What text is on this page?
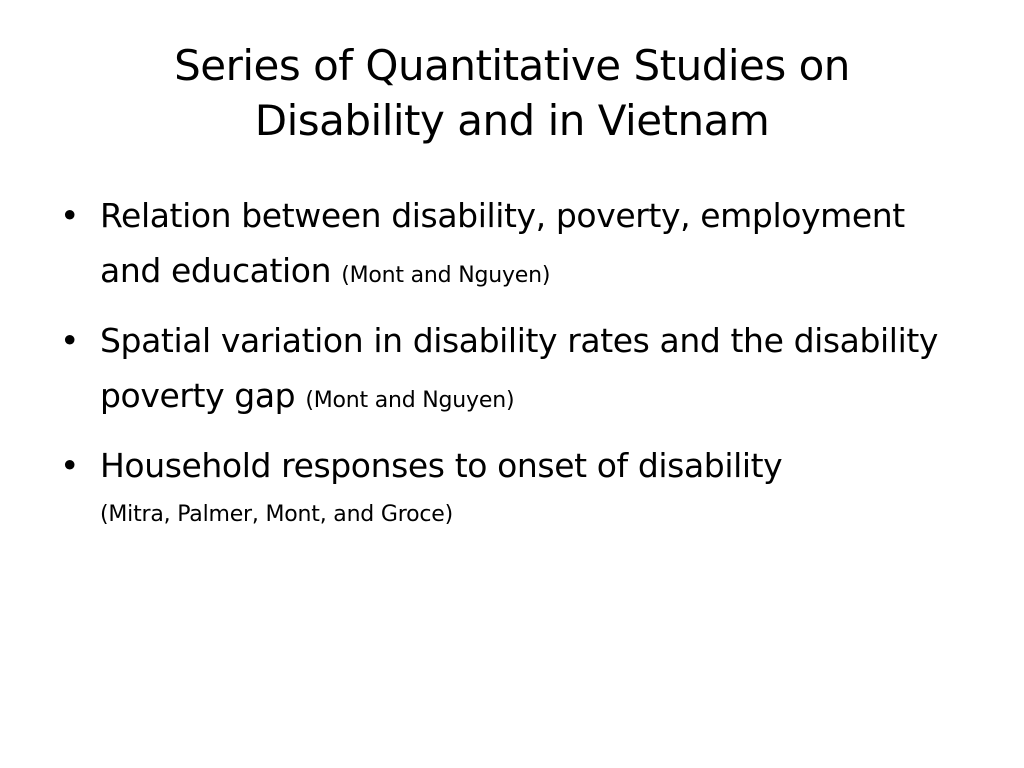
Series of Quantitative Studies on
Disability and in Vietnam
• Relation between disability, poverty, employment and education (Mont and Nguyen)
• Spatial variation in disability rates and the disability poverty gap (Mont and Nguyen)
• Household responses to onset of disability
(Mitra, Palmer, Mont, and Groce)
